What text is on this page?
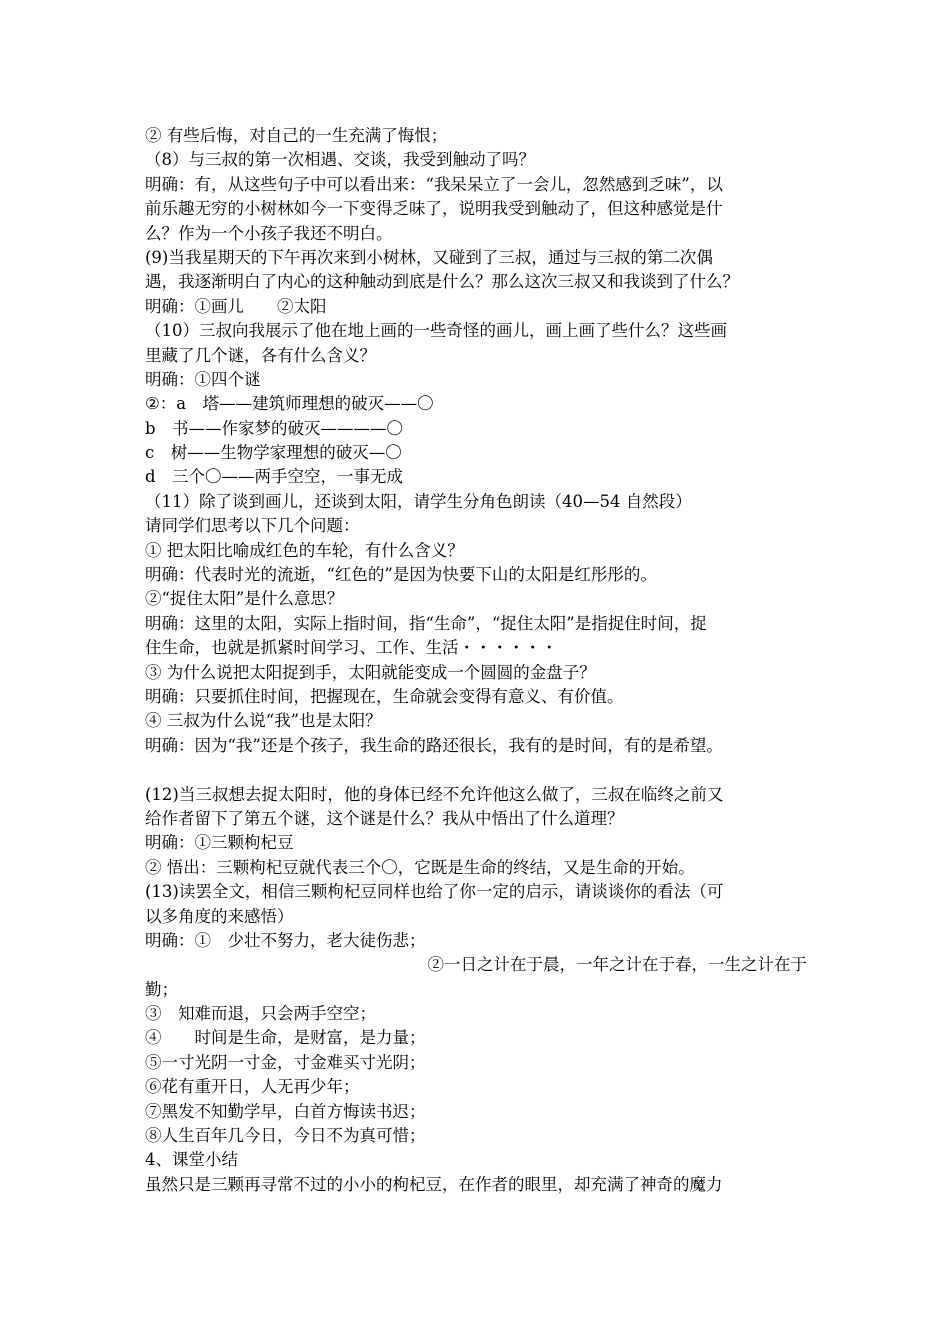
② 有些后悔，对自己的一生充满了悔恨；
（8）与三叔的第一次相遇、交谈，我受到触动了吗？
明确：有，从这些句子中可以看出来：“我呆呆立了一会儿，忽然感到乏味”，以
前乐趣无穷的小树林如今一下变得乏味了，说明我受到触动了，但这种感觉是什
么？作为一个小孩子我还不明白。
(9)当我星期天的下午再次来到小树林，又碰到了三叔，通过与三叔的第二次偶
遇，我逐渐明白了内心的这种触动到底是什么？那么这次三叔又和我谈到了什么？
明确：①画儿　　②太阳
（10）三叔向我展示了他在地上画的一些奇怪的画儿，画上画了些什么？这些画
里藏了几个谜，各有什么含义？
明确：①四个谜
②：a　塔——建筑师理想的破灭——〇
b　书——作家梦的破灭————〇
c　树——生物学家理想的破灭—〇
d　三个〇——两手空空，一事无成
（11）除了谈到画儿，还谈到太阳，请学生分角色朗读（40—54 自然段）
请同学们思考以下几个问题：
① 把太阳比喻成红色的车轮，有什么含义？
明确：代表时光的流逝，“红色的”是因为快要下山的太阳是红彤彤的。
②“捉住太阳”是什么意思？
明确：这里的太阳，实际上指时间，指“生命”，“捉住太阳”是指捉住时间，捉
住生命，也就是抓紧时间学习、工作、生活・・・・・・
③ 为什么说把太阳捉到手，太阳就能变成一个圆圆的金盘子？
明确：只要抓住时间，把握现在，生命就会变得有意义、有价值。
④ 三叔为什么说“我”也是太阳？
明确：因为“我”还是个孩子，我生命的路还很长，我有的是时间，有的是希望。
(12)当三叔想去捉太阳时，他的身体已经不允许他这么做了，三叔在临终之前又
给作者留下了第五个谜，这个谜是什么？我从中悟出了什么道理？
明确：①三颗枸杞豆
② 悟出：三颗枸杞豆就代表三个〇，它既是生命的终结，又是生命的开始。
(13)读罢全文，相信三颗枸杞豆同样也给了你一定的启示，请谈谈你的看法（可
以多角度的来感悟）
明确：①　少壮不努力，老大徒伤悲；
②一日之计在于晨，一年之计在于春，一生之计在于
勤；
③　知难而退，只会两手空空；
④　　时间是生命，是财富，是力量；
⑤一寸光阴一寸金，寸金难买寸光阴；
⑥花有重开日，人无再少年；
⑦黑发不知勤学早，白首方悔读书迟；
⑧人生百年几今日，今日不为真可惜；
4、课堂小结
虽然只是三颗再寻常不过的小小的枸杞豆，在作者的眼里，却充满了神奇的魔力
